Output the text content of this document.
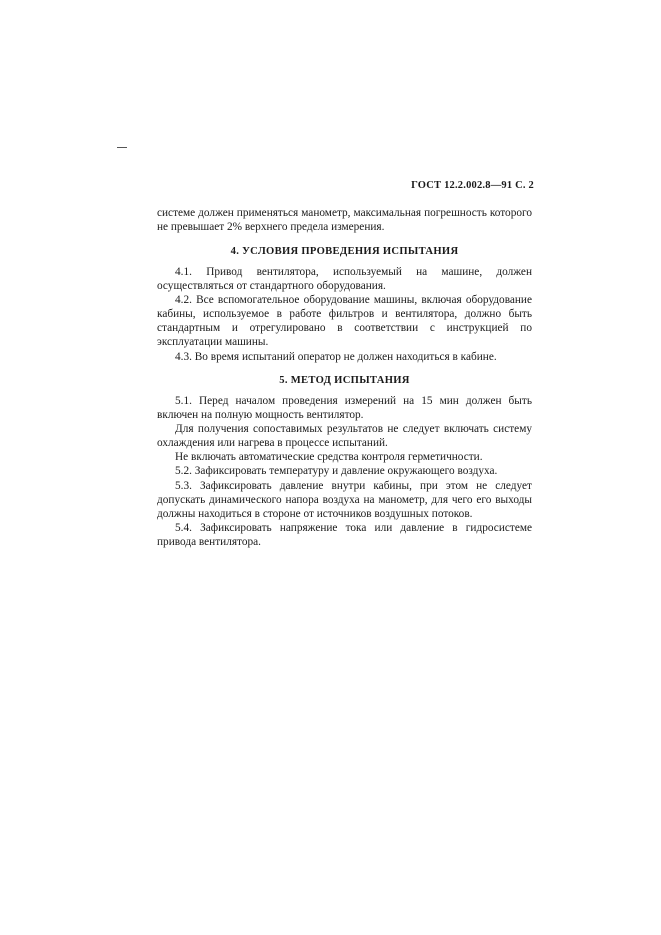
ГОСТ 12.2.002.8—91 С. 2

системе должен применяться манометр, максимальная погрешность которого не превышает 2% верхнего предела измерения.

4. УСЛОВИЯ ПРОВЕДЕНИЯ ИСПЫТАНИЯ

4.1. Привод вентилятора, используемый на машине, должен осуществляться от стандартного оборудования.

4.2. Все вспомогательное оборудование машины, включая оборудование кабины, используемое в работе фильтров и вентилятора, должно быть стандартным и отрегулировано в соответствии с инструкцией по эксплуатации машины.

4.3. Во время испытаний оператор не должен находиться в кабине.

5. МЕТОД ИСПЫТАНИЯ

5.1. Перед началом проведения измерений на 15 мин должен быть включен на полную мощность вентилятор.

Для получения сопоставимых результатов не следует включать систему охлаждения или нагрева в процессе испытаний.

Не включать автоматические средства контроля герметичности.

5.2. Зафиксировать температуру и давление окружающего воздуха.

5.3. Зафиксировать давление внутри кабины, при этом не следует допускать динамического напора воздуха на манометр, для чего его выходы должны находиться в стороне от источников воздушных потоков.

5.4. Зафиксировать напряжение тока или давление в гидросистеме привода вентилятора.
